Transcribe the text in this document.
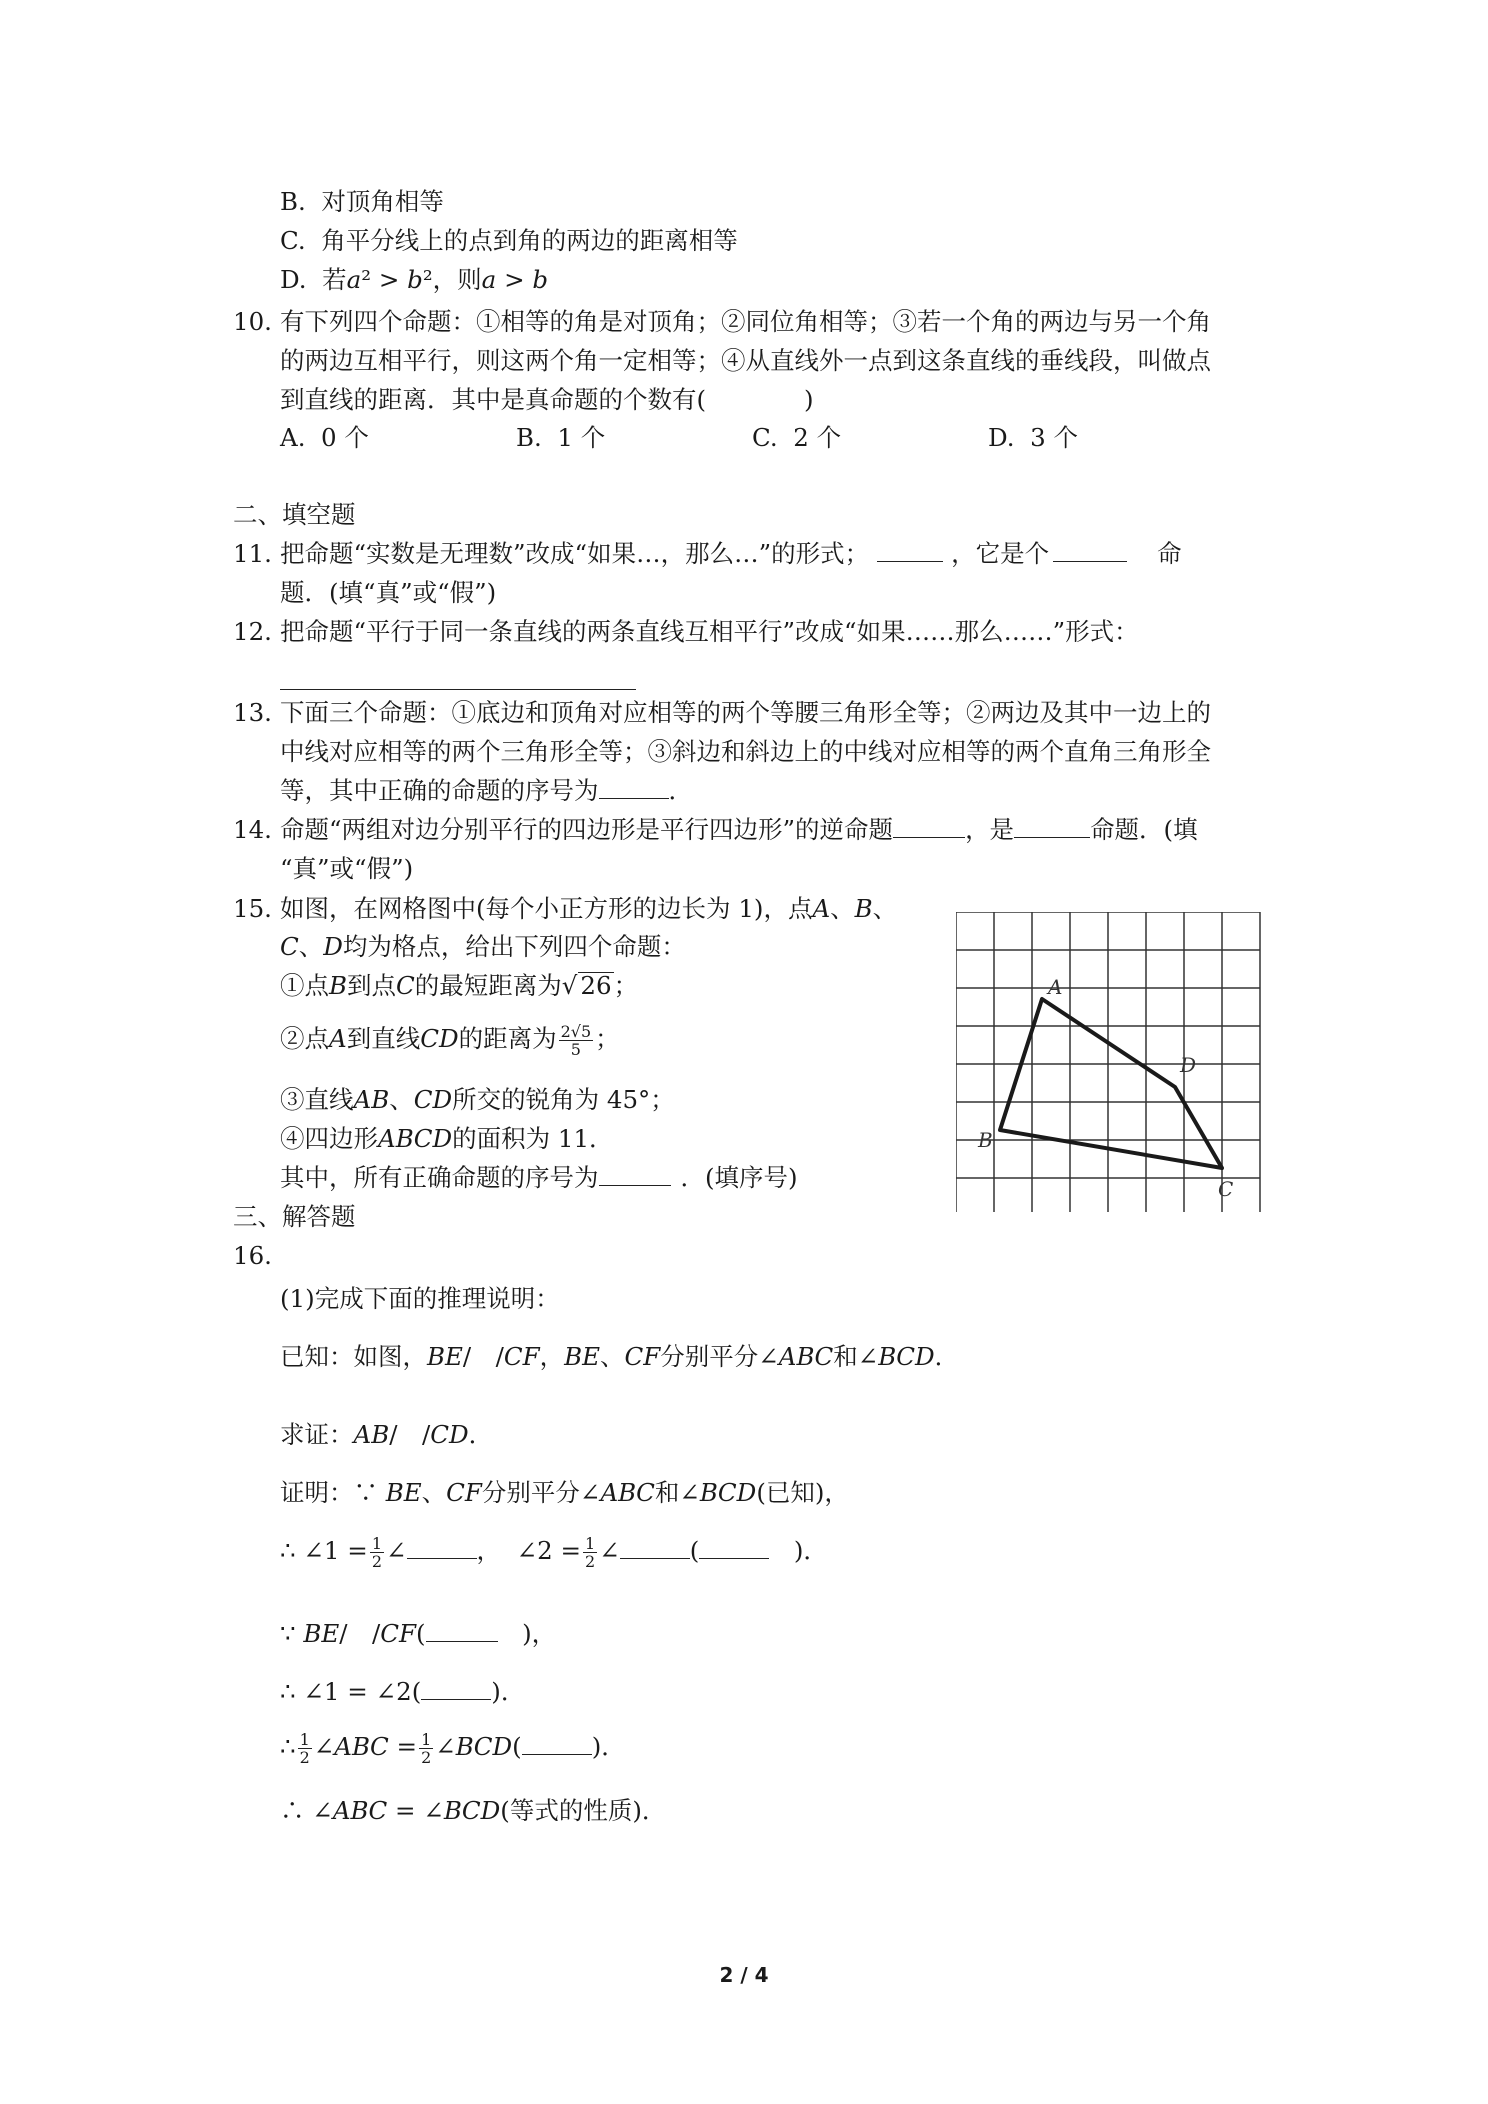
B.  对顶角相等
C.  角平分线上的点到角的两边的距离相等
D.  若𝑎² > 𝑏²，则𝑎 > 𝑏
10. 有下列四个命题：①相等的角是对顶角；②同位角相等；③若一个角的两边与另一个角
的两边互相平行，则这两个角一定相等；④从直线外一点到这条直线的垂线段，叫做点
到直线的距离．其中是真命题的个数有(　　　　)
A.  0 个	B.  1 个	C.  2 个	D.  3 个
二、填空题
11. 把命题“实数是无理数”改成“如果…，那么…”的形式；	，它是个	命
题．(填“真”或“假”)
12. 把命题“平行于同一条直线的两条直线互相平行”改成“如果……那么……”形式：
13. 下面三个命题：①底边和顶角对应相等的两个等腰三角形全等；②两边及其中一边上的
中线对应相等的两个三角形全等；③斜边和斜边上的中线对应相等的两个直角三角形全
等，其中正确的命题的序号为	．
14. 命题“两组对边分别平行的四边形是平行四边形”的逆命题	，是	命题．(填
“真”或“假”)
15. 如图，在网格图中(每个小正方形的边长为 1)，点𝐴、𝐵、
𝐶、𝐷均为格点，给出下列四个命题：
①点𝐵到点𝐶的最短距离为√ 26；
②点𝐴到直线𝐶𝐷的距离为 $\frac{2√5}{5}$ ；
③直线𝐴𝐵、𝐶𝐷所交的锐角为 45°；
④四边形𝐴𝐵𝐶𝐷的面积为 11．
其中，所有正确命题的序号为	．(填序号)
A
B
C
D
三、解答题
16.
(1)完成下面的推理说明：
已知：如图，𝐵𝐸/　/𝐶𝐹，𝐵𝐸、𝐶𝐹分别平分∠𝐴𝐵𝐶和∠𝐵𝐶𝐷．
求证：𝐴𝐵/　/𝐶𝐷．
证明：∵ 𝐵𝐸、𝐶𝐹分别平分∠𝐴𝐵𝐶和∠𝐵𝐶𝐷(已知)，
∴ ∠1 = $\frac{1}{2}$ ∠	，  ∠2 = $\frac{1}{2}$ ∠	(	　)．
∵ 𝐵𝐸/　/𝐶𝐹(	　)，
∴ ∠1 = ∠2(	)．
∴ $\frac{1}{2}$ ∠𝐴𝐵𝐶 = $\frac{1}{2}$ ∠𝐵𝐶𝐷(	)．
∴ ∠𝐴𝐵𝐶 = ∠𝐵𝐶𝐷(等式的性质)．
2 / 4
